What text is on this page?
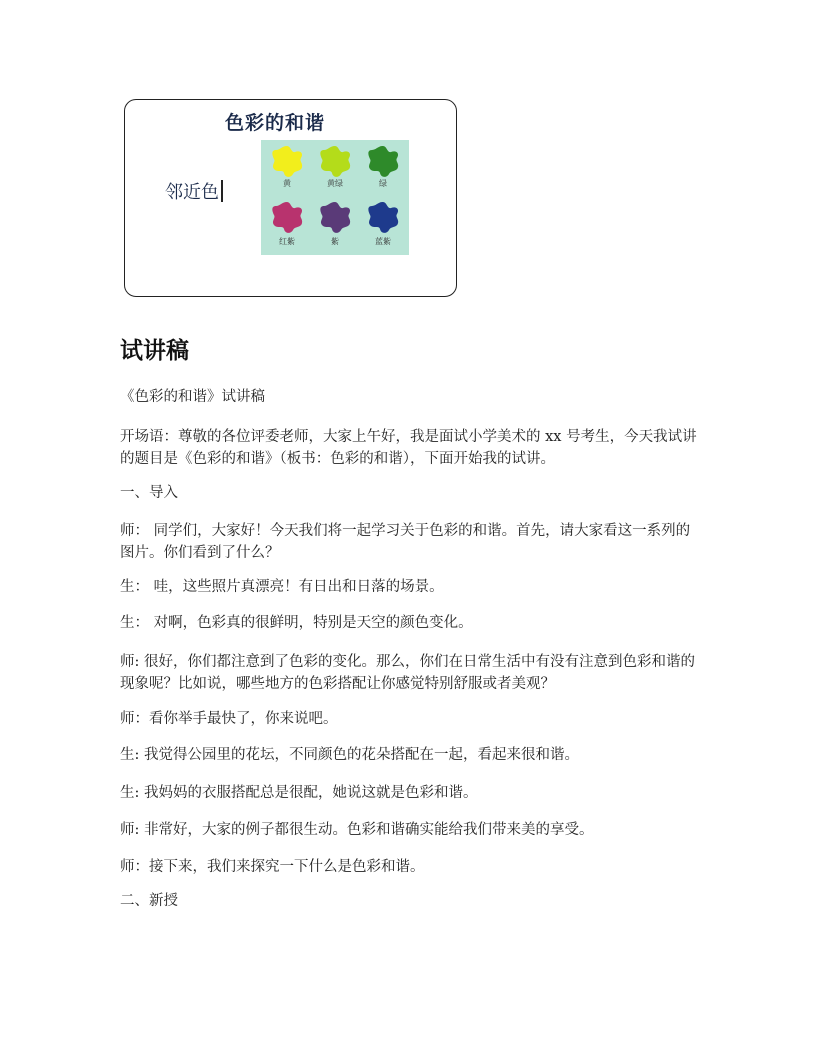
色彩的和谐
邻近色	黄	黄绿	绿
红紫	紫	蓝紫
试讲稿
《色彩的和谐》试讲稿
开场语：尊敬的各位评委老师，大家上午好，我是面试小学美术的 xx 号考生，今天我试讲的题目是《色彩的和谐》（板书：色彩的和谐），下面开始我的试讲。
一、导入
师： 同学们，大家好！今天我们将一起学习关于色彩的和谐。首先，请大家看这一系列的图片。你们看到了什么？
生： 哇，这些照片真漂亮！有日出和日落的场景。
生： 对啊，色彩真的很鲜明，特别是天空的颜色变化。
师: 很好，你们都注意到了色彩的变化。那么，你们在日常生活中有没有注意到色彩和谐的现象呢？比如说，哪些地方的色彩搭配让你感觉特别舒服或者美观？
师：看你举手最快了，你来说吧。
生: 我觉得公园里的花坛，不同颜色的花朵搭配在一起，看起来很和谐。
生: 我妈妈的衣服搭配总是很配，她说这就是色彩和谐。
师: 非常好，大家的例子都很生动。色彩和谐确实能给我们带来美的享受。
师：接下来，我们来探究一下什么是色彩和谐。
二、新授
